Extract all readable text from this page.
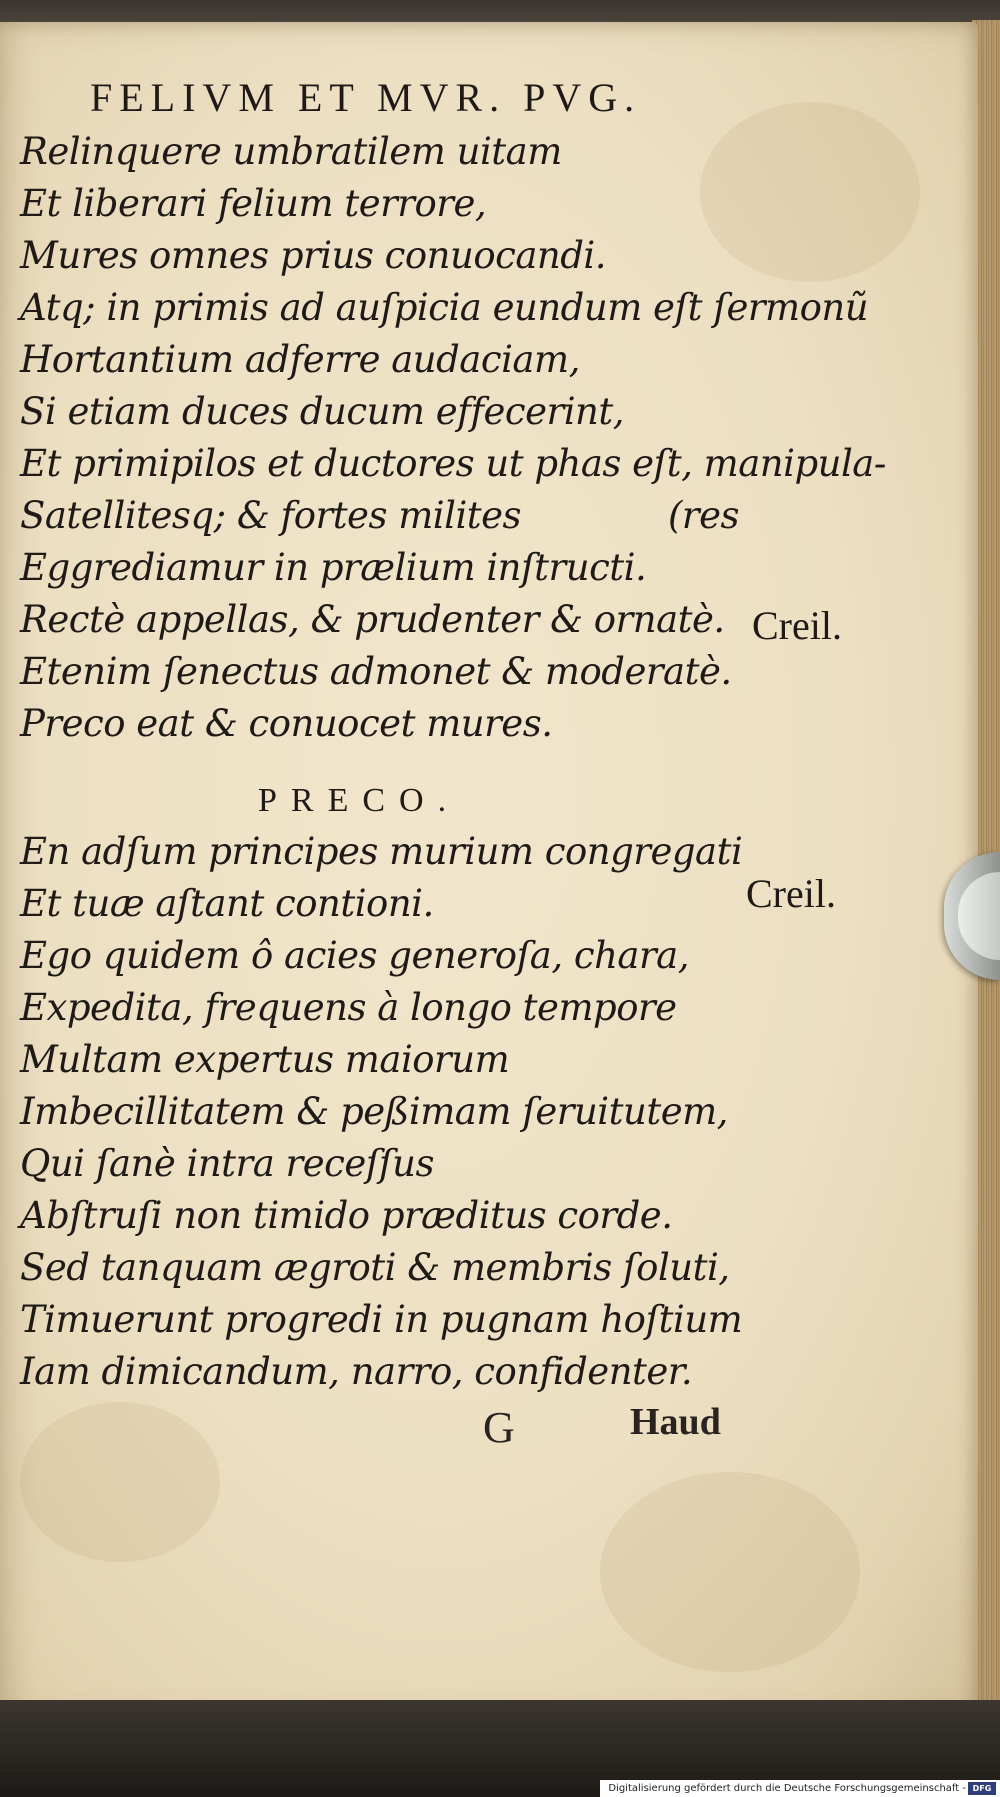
FELIVM ET MVR. PVG.
Relinquere umbratilem uitam
Et liberari felium terrore,
Mures omnes prius conuocandi.
Atq; in primis ad auſpicia eundum eſt ſermonũ
Hortantium adferre audaciam,
Si etiam duces ducum effecerint,
Et primipilos et ductores ut phas eſt, manipula-
Satellitesq; & fortes milites
Eggrediamur in prælium inſtructi.
Rectè appellas, & prudenter & ornatè.
Etenim ſenectus admonet & moderatè.
Preco eat & conuocet mures.
(res
Creil.
PRECO.
En adſum principes murium congregati
Et tuæ aſtant contioni.
Ego quidem ô acies generoſa, chara,
Expedita, frequens à longo tempore
Multam expertus maiorum
Imbecillitatem & peßimam ſeruitutem,
Qui ſanè intra receſſus
Abſtruſi non timido præditus corde.
Sed tanquam ægroti & membris ſoluti,
Timuerunt progredi in pugnam hoſtium
Iam dimicandum, narro, confidenter.
Creil.
G	Haud
Digitalisierung gefördert durch die Deutsche Forschungsgemeinschaft - DFG
